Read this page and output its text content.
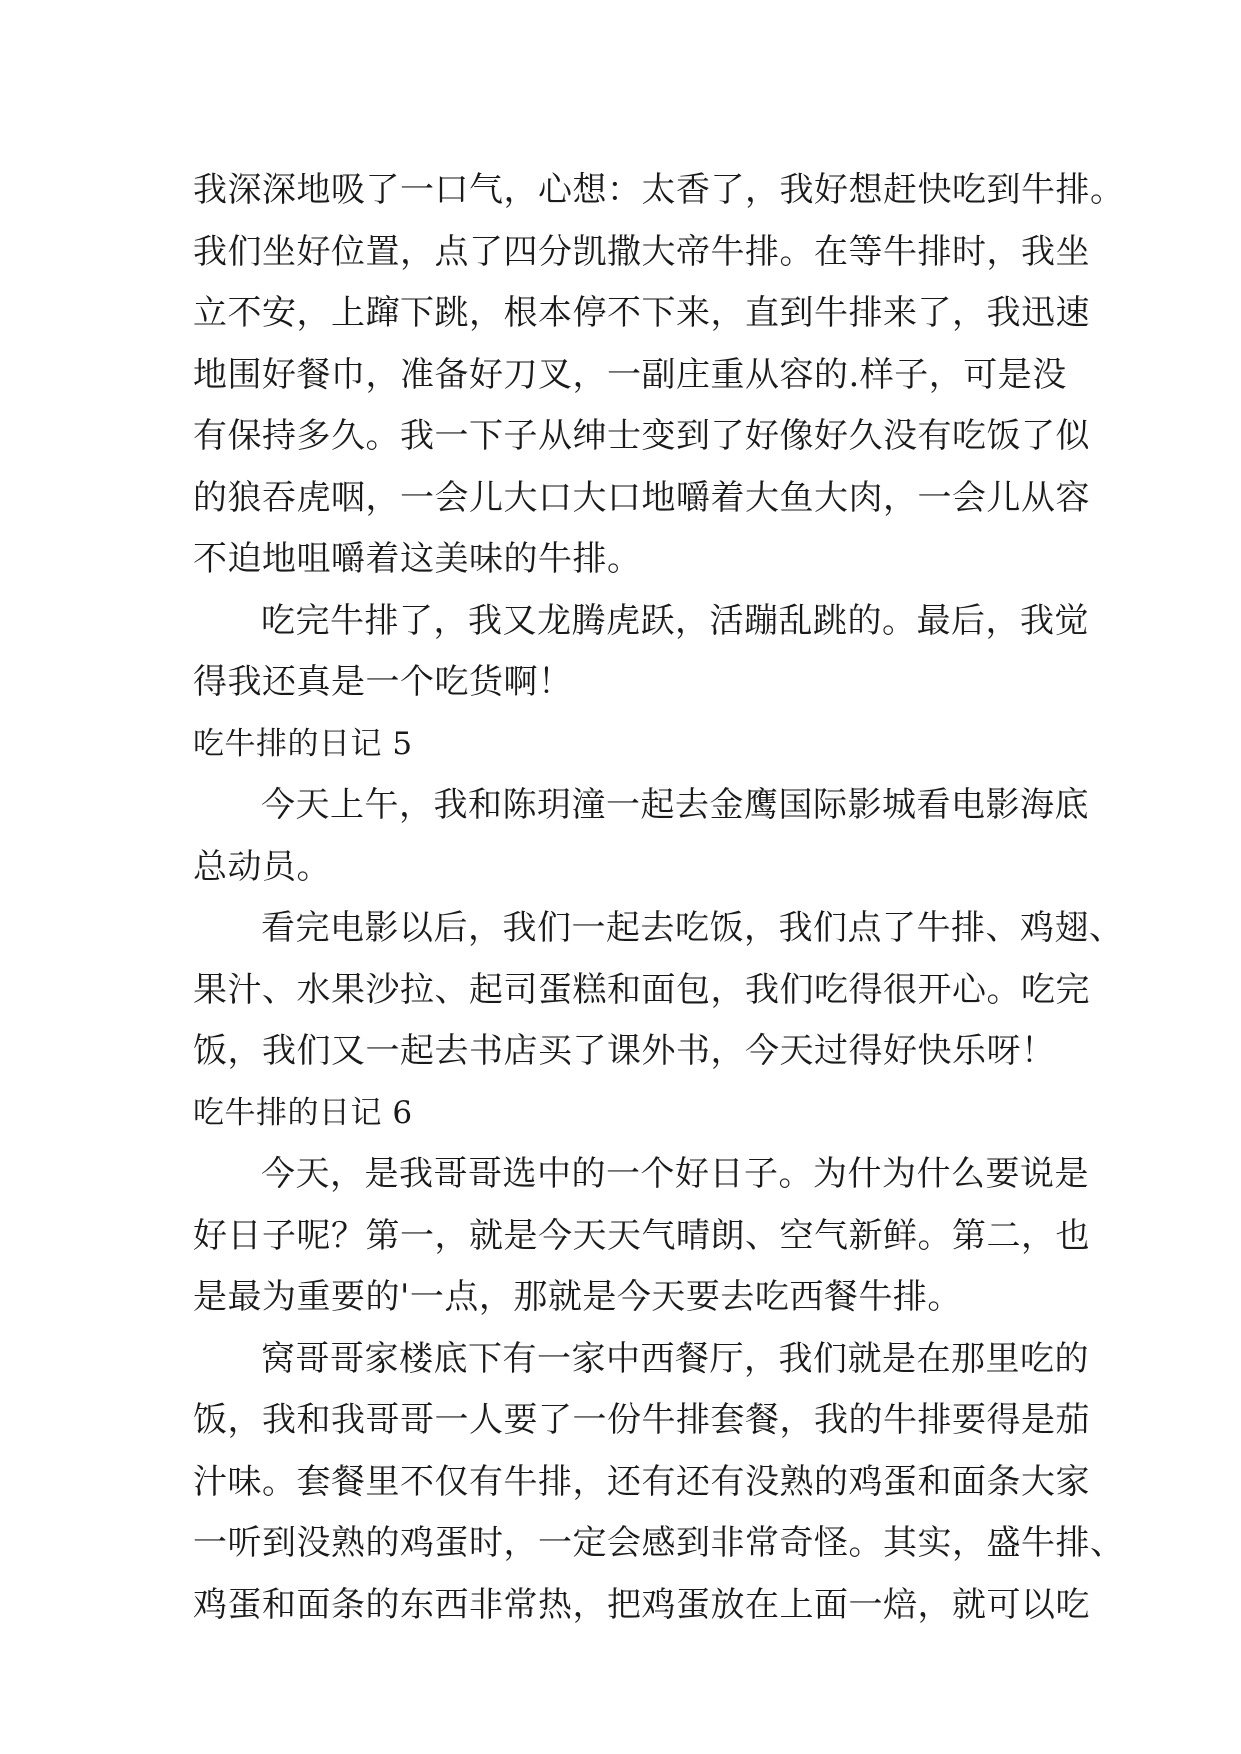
我深深地吸了一口气，心想：太香了，我好想赶快吃到牛排。
我们坐好位置，点了四分凯撒大帝牛排。在等牛排时，我坐
立不安，上蹿下跳，根本停不下来，直到牛排来了，我迅速
地围好餐巾，准备好刀叉，一副庄重从容的.样子，可是没
有保持多久。我一下子从绅士变到了好像好久没有吃饭了似
的狼吞虎咽，一会儿大口大口地嚼着大鱼大肉，一会儿从容
不迫地咀嚼着这美味的牛排。
吃完牛排了，我又龙腾虎跃，活蹦乱跳的。最后，我觉
得我还真是一个吃货啊！
吃牛排的日记 5
今天上午，我和陈玥潼一起去金鹰国际影城看电影海底
总动员。
看完电影以后，我们一起去吃饭，我们点了牛排、鸡翅、
果汁、水果沙拉、起司蛋糕和面包，我们吃得很开心。吃完
饭，我们又一起去书店买了课外书，今天过得好快乐呀！
吃牛排的日记 6
今天，是我哥哥选中的一个好日子。为什为什么要说是
好日子呢？第一，就是今天天气晴朗、空气新鲜。第二，也
是最为重要的'一点，那就是今天要去吃西餐牛排。
窝哥哥家楼底下有一家中西餐厅，我们就是在那里吃的
饭，我和我哥哥一人要了一份牛排套餐，我的牛排要得是茄
汁味。套餐里不仅有牛排，还有还有没熟的鸡蛋和面条大家
一听到没熟的鸡蛋时，一定会感到非常奇怪。其实，盛牛排、
鸡蛋和面条的东西非常热，把鸡蛋放在上面一焙，就可以吃
